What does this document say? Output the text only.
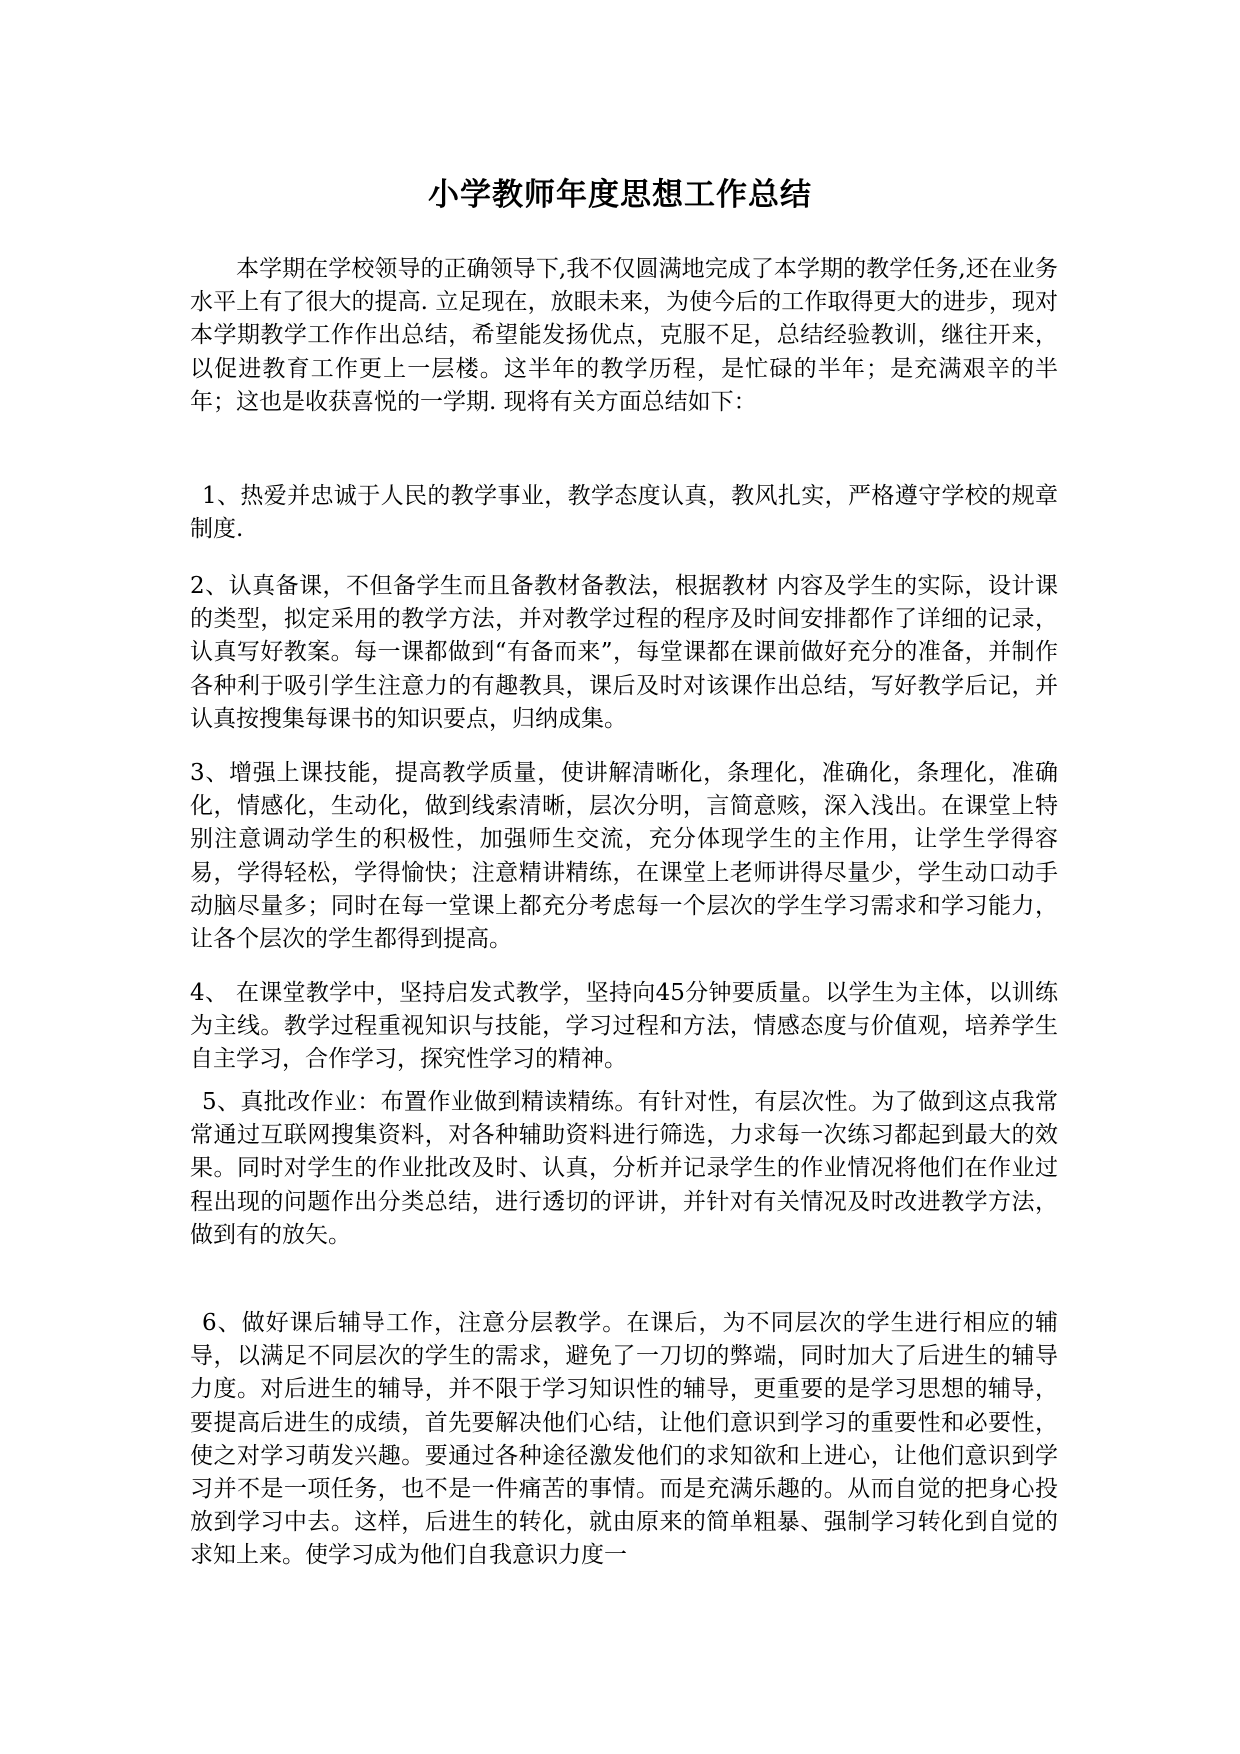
小学教师年度思想工作总结

本学期在学校领导的正确领导下,我不仅圆满地完成了本学期的教学任务,还在业务水平上有了很大的提高. 立足现在，放眼未来，为使今后的工作取得更大的进步，现对本学期教学工作作出总结，希望能发扬优点，克服不足，总结经验教训，继往开来，以促进教育工作更上一层楼。这半年的教学历程，是忙碌的半年；是充满艰辛的半年；这也是收获喜悦的一学期. 现将有关方面总结如下：

1、热爱并忠诚于人民的教学事业，教学态度认真，教风扎实，严格遵守学校的规章制度.

2、认真备课，不但备学生而且备教材备教法，根据教材 内容及学生的实际，设计课的类型，拟定采用的教学方法，并对教学过程的程序及时间安排都作了详细的记录，认真写好教案。每一课都做到“有备而来”，每堂课都在课前做好充分的准备，并制作各种利于吸引学生注意力的有趣教具，课后及时对该课作出总结，写好教学后记，并认真按搜集每课书的知识要点，归纳成集。

3、增强上课技能，提高教学质量，使讲解清晰化，条理化，准确化，条理化，准确化，情感化，生动化，做到线索清晰，层次分明，言简意赅，深入浅出。在课堂上特别注意调动学生的积极性，加强师生交流，充分体现学生的主作用，让学生学得容易，学得轻松，学得愉快；注意精讲精练，在课堂上老师讲得尽量少，学生动口动手动脑尽量多；同时在每一堂课上都充分考虑每一个层次的学生学习需求和学习能力，让各个层次的学生都得到提高。

4、 在课堂教学中，坚持启发式教学，坚持向45分钟要质量。以学生为主体，以训练为主线。教学过程重视知识与技能，学习过程和方法，情感态度与价值观，培养学生自主学习，合作学习，探究性学习的精神。

5、真批改作业：布置作业做到精读精练。有针对性，有层次性。为了做到这点我常常通过互联网搜集资料，对各种辅助资料进行筛选，力求每一次练习都起到最大的效果。同时对学生的作业批改及时、认真，分析并记录学生的作业情况将他们在作业过程出现的问题作出分类总结，进行透切的评讲，并针对有关情况及时改进教学方法，做到有的放矢。

6、做好课后辅导工作，注意分层教学。在课后，为不同层次的学生进行相应的辅导，以满足不同层次的学生的需求，避免了一刀切的弊端，同时加大了后进生的辅导力度。对后进生的辅导，并不限于学习知识性的辅导，更重要的是学习思想的辅导，要提高后进生的成绩，首先要解决他们心结，让他们意识到学习的重要性和必要性，使之对学习萌发兴趣。要通过各种途径激发他们的求知欲和上进心，让他们意识到学习并不是一项任务，也不是一件痛苦的事情。而是充满乐趣的。从而自觉的把身心投放到学习中去。这样，后进生的转化，就由原来的简单粗暴、强制学习转化到自觉的求知上来。使学习成为他们自我意识力度一
